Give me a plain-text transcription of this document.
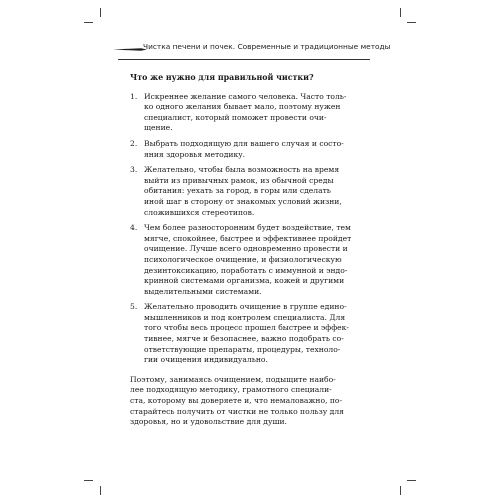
Чистка печени и почек. Современные и традиционные методы
Что же нужно для правильной чистки?
1. Искреннее желание самого человека. Часто толь-
ко одного желания бывает мало, поэтому нужен
специалист, который поможет провести очи-
щение.
2. Выбрать подходящую для вашего случая и состо-
яния здоровья методику.
3. Желательно, чтобы была возможность на время
выйти из привычных рамок, из обычной среды
обитания: уехать за город, в горы или сделать
иной шаг в сторону от знакомых условий жизни,
сложившихся стереотипов.
4. Чем более разносторонним будет воздействие, тем
мягче, спокойнее, быстрее и эффективнее пройдет
очищение. Лучше всего одновременно провести и
психологическое очищение, и физиологическую
дезинтоксикацию, поработать с иммунной и эндо-
кринной системами организма, кожей и другими
выделительными системами.
5. Желательно проводить очищение в группе едино-
мышленников и под контролем специалиста. Для
того чтобы весь процесс прошел быстрее и эффек-
тивнее, мягче и безопаснее, важно подобрать со-
ответствующие препараты, процедуры, техноло-
гии очищения индивидуально.
Поэтому, занимаясь очищением, подыщите наибо-
лее подходящую методику, грамотного специали-
ста, которому вы доверяете и, что немаловажно, по-
старайтесь получить от чистки не только пользу для
здоровья, но и удовольствие для души.
